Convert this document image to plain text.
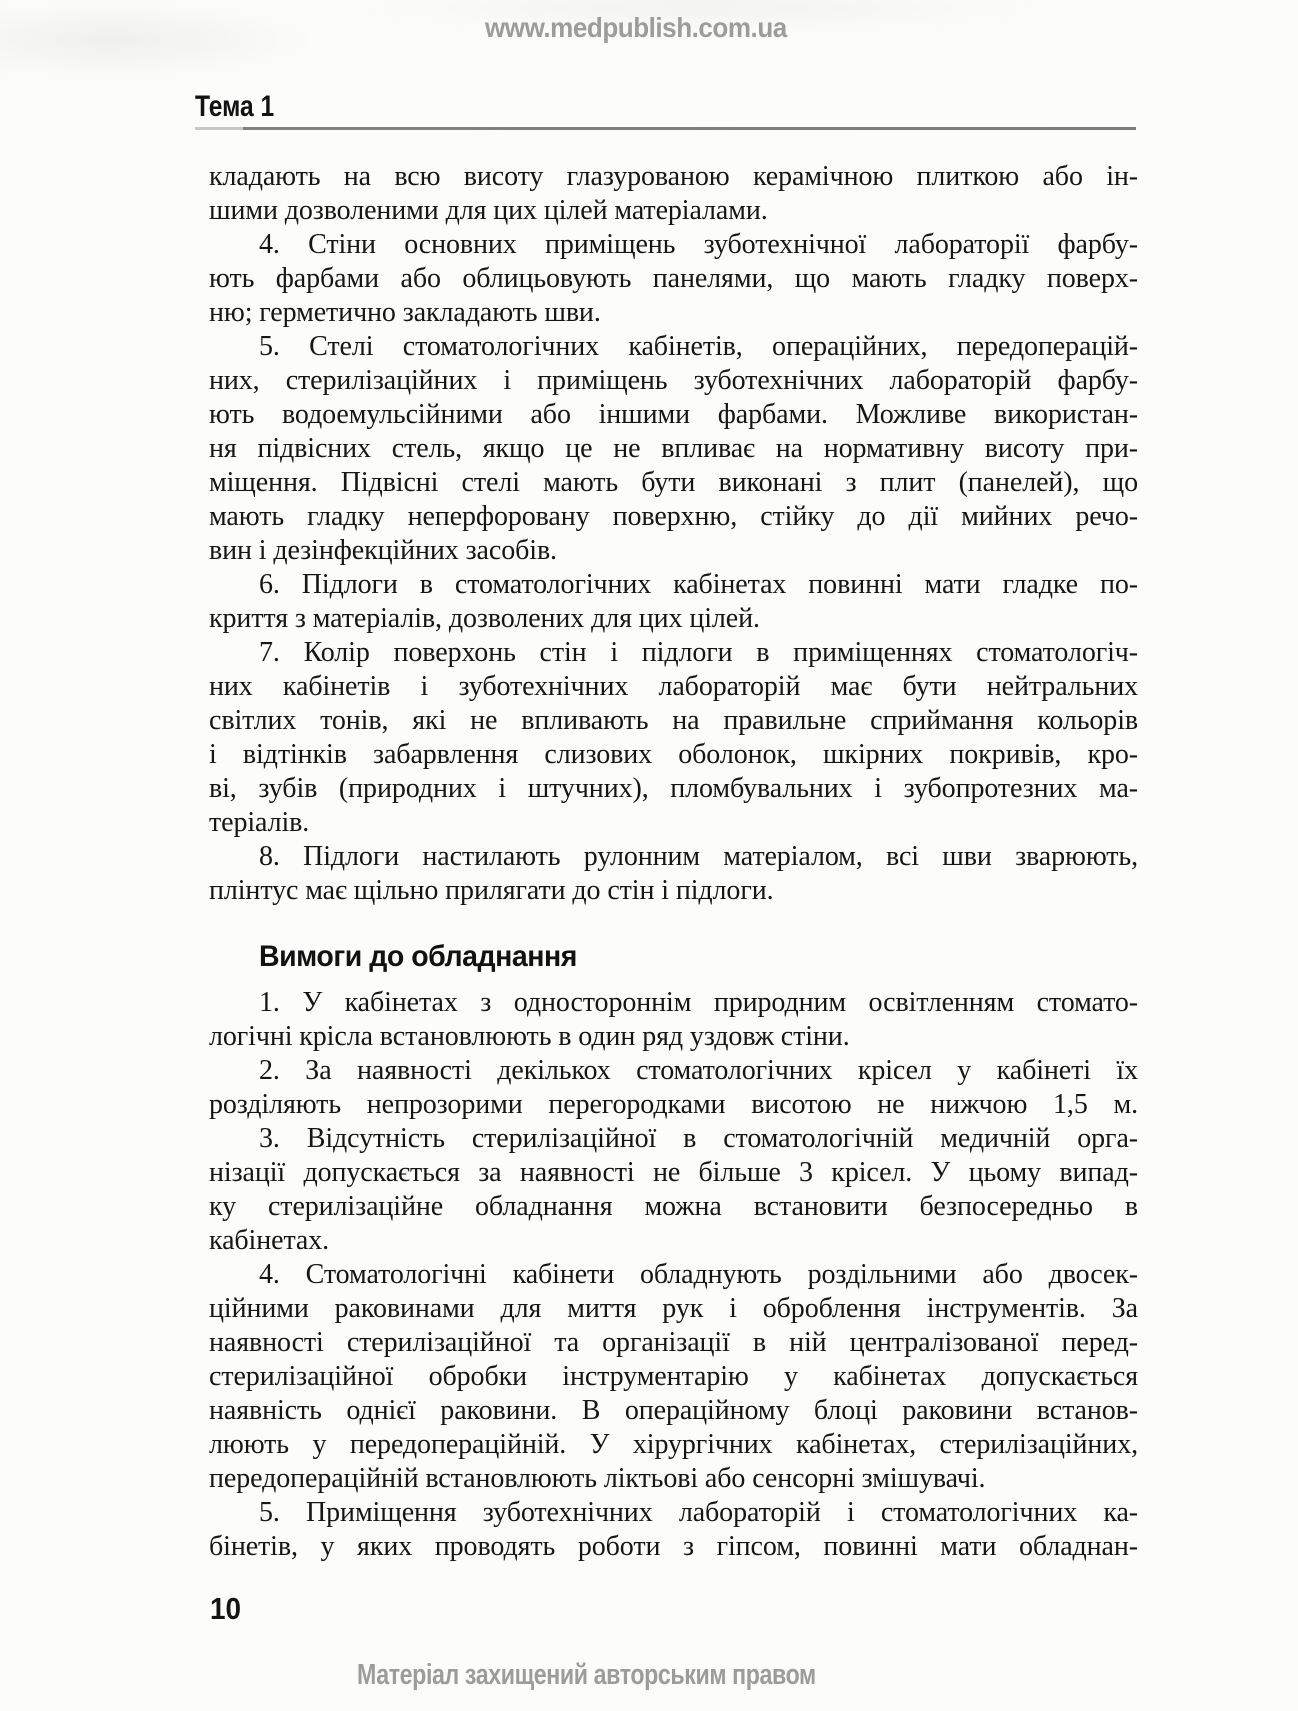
www.medpublish.com.ua
Тема 1
кладають на всю висоту глазурованою керамічною плиткою або ін-
шими дозволеними для цих цілей матеріалами.
4. Стіни основних приміщень зуботехнічної лабораторії фарбу-
ють фарбами або облицьовують панелями, що мають гладку поверх-
ню; герметично закладають шви.
5. Стелі стоматологічних кабінетів, операційних, передоперацій-
них, стерилізаційних і приміщень зуботехнічних лабораторій фарбу-
ють водоемульсійними або іншими фарбами. Можливе використан-
ня підвісних стель, якщо це не впливає на нормативну висоту при-
міщення. Підвісні стелі мають бути виконані з плит (панелей), що
мають гладку неперфоровану поверхню, стійку до дії мийних речо-
вин і дезінфекційних засобів.
6. Підлоги в стоматологічних кабінетах повинні мати гладке по-
криття з матеріалів, дозволених для цих цілей.
7. Колір поверхонь стін і підлоги в приміщеннях стоматологіч-
них кабінетів і зуботехнічних лабораторій має бути нейтральних
світлих тонів, які не впливають на правильне сприймання кольорів
і відтінків забарвлення слизових оболонок, шкірних покривів, кро-
ві, зубів (природних і штучних), пломбувальних і зубопротезних ма-
теріалів.
8. Підлоги настилають рулонним матеріалом, всі шви зварюють,
плінтус має щільно прилягати до стін і підлоги.
Вимоги до обладнання
1. У кабінетах з одностороннім природним освітленням стомато-
логічні крісла встановлюють в один ряд уздовж стіни.
2. За наявності декількох стоматологічних крісел у кабінеті їх
розділяють непрозорими перегородками висотою не нижчою 1,5 м.
3. Відсутність стерилізаційної в стоматологічній медичній орга-
нізації допускається за наявності не більше 3 крісел. У цьому випад-
ку стерилізаційне обладнання можна встановити безпосередньо в
кабінетах.
4. Стоматологічні кабінети обладнують роздільними або двосек-
ційними раковинами для миття рук і оброблення інструментів. За
наявності стерилізаційної та організації в ній централізованої перед-
стерилізаційної обробки інструментарію у кабінетах допускається
наявність однієї раковини. В операційному блоці раковини встанов-
люють у передопераційній. У хірургічних кабінетах, стерилізаційних,
передопераційній встановлюють ліктьові або сенсорні змішувачі.
5. Приміщення зуботехнічних лабораторій і стоматологічних ка-
бінетів, у яких проводять роботи з гіпсом, повинні мати обладнан-
10
Матеріал захищений авторським правом
